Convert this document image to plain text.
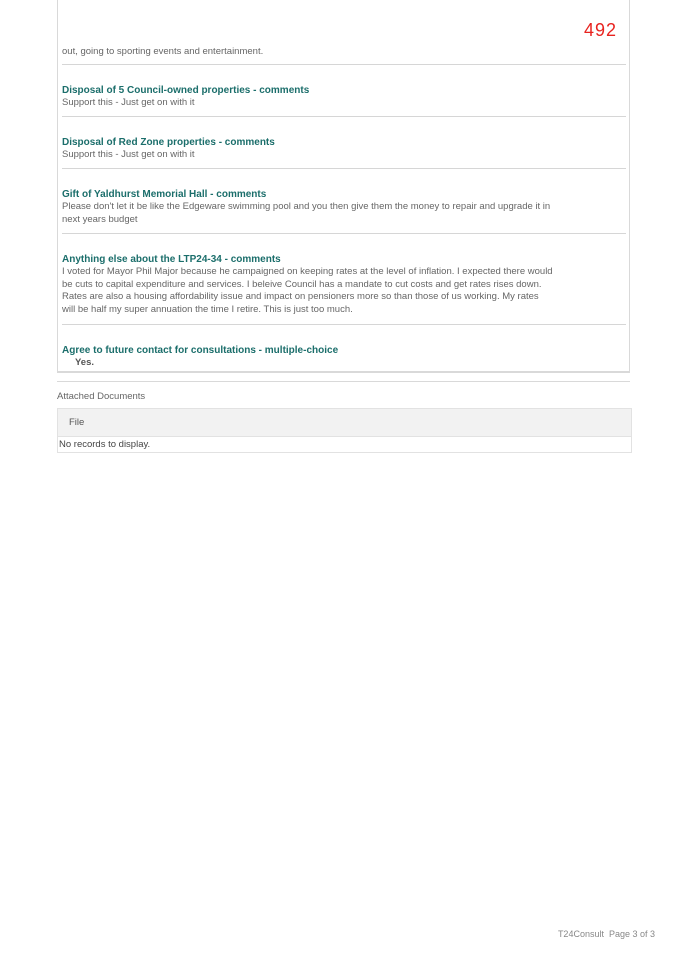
492
out, going to sporting events and entertainment.
Disposal of 5 Council-owned properties - comments
Support this - Just get on with it
Disposal of Red Zone properties - comments
Support this - Just get on with it
Gift of Yaldhurst Memorial Hall - comments
Please don't let it be like the Edgeware swimming pool and you then give them the money to repair and upgrade it in
next years budget
Anything else about the LTP24-34 - comments
I voted for Mayor Phil Major because he campaigned on keeping rates at the level of inflation. I expected there would
be cuts to capital expenditure and services. I beleive Council has a mandate to cut costs and get rates rises down.
Rates are also a housing affordability issue and impact on pensioners more so than those of us working. My rates
will be half my super annuation the time I retire. This is just too much.
Agree to future contact for consultations - multiple-choice
Yes.
Attached Documents
File
No records to display.
T24Consult  Page 3 of 3
